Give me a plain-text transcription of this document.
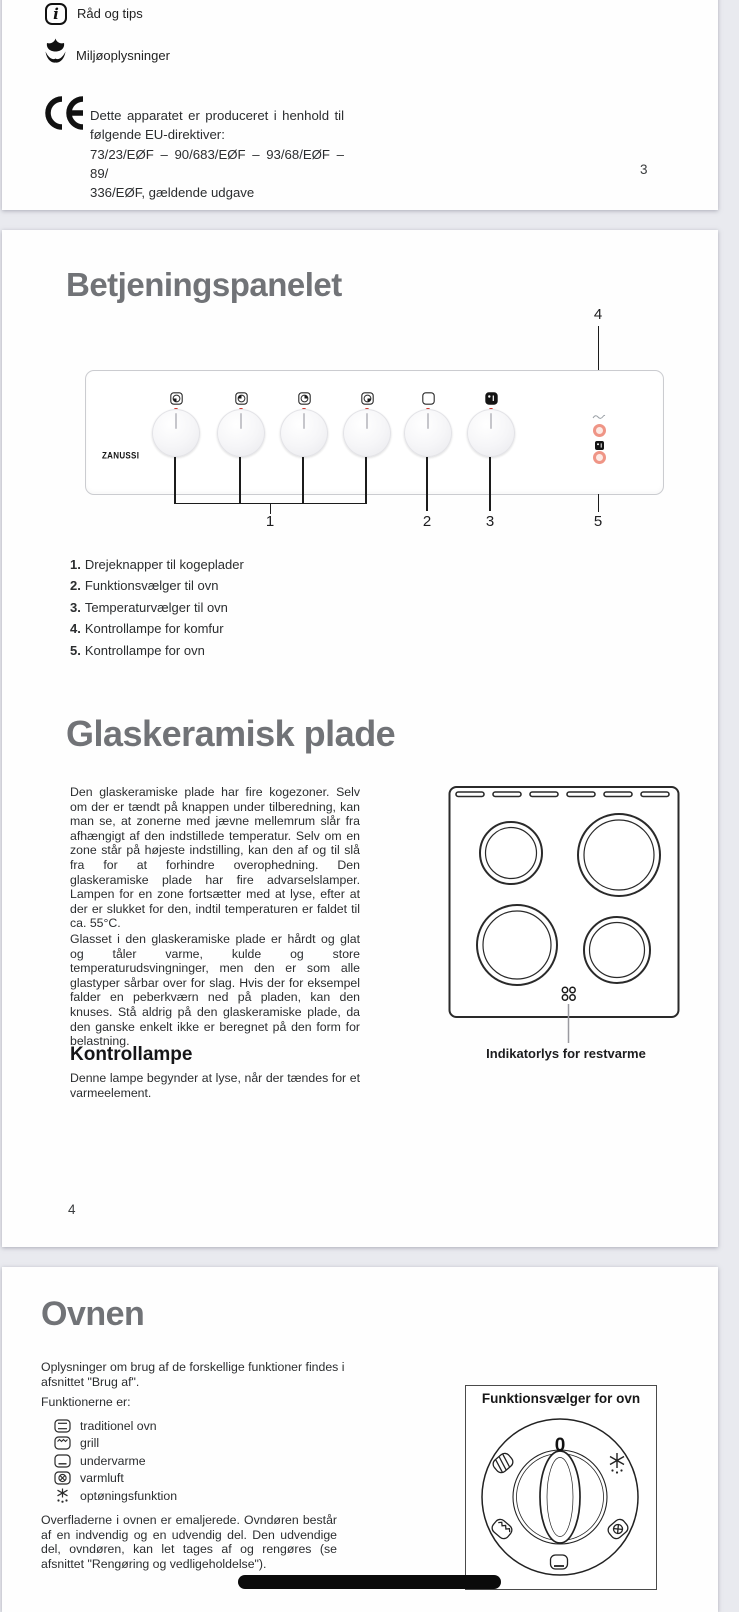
i	Råd og tips
Miljøoplysninger
Dette apparatet er produceret i henhold til
følgende EU-direktiver:
73/23/EØF – 90/683/EØF – 93/68/EØF – 89/
336/EØF, gældende udgave
3
Betjeningspanelet
4
ZANUSSI
1	2	3	5
1. Drejeknapper til kogeplader
2. Funktionsvælger til ovn
3. Temperaturvælger til ovn
4. Kontrollampe for komfur
5. Kontrollampe for ovn
Glaskeramisk plade
Den glaskeramiske plade har fire kogezoner. Selv om der er tændt på knappen under tilberedning, kan man se, at zonerne med jævne mellemrum slår fra afhængigt af den indstillede temperatur. Selv om en zone står på højeste indstilling, kan den af og til slå fra for at forhindre overophedning. Den glaskeramiske plade har fire advarselslamper. Lampen for en zone fortsætter med at lyse, efter at der er slukket for den, indtil temperaturen er faldet til ca. 55°C.
Glasset i den glaskeramiske plade er hårdt og glat og tåler varme, kulde og store temperaturudsvingninger, men den er som alle glastyper sårbar over for slag. Hvis der for eksempel falder en peberkværn ned på pladen, kan den knuses. Stå aldrig på den glaskeramiske plade, da den ganske enkelt ikke er beregnet på den form for belastning.
Kontrollampe
Denne lampe begynder at lyse, når der tændes for et varmeelement.
Indikatorlys for restvarme
4
Ovnen
Oplysninger om brug af de forskellige funktioner findes i afsnittet "Brug af".
Funktionerne er:
traditionel ovn
grill
undervarme
varmluft
optøningsfunktion
Overfladerne i ovnen er emaljerede. Ovndøren består af en indvendig og en udvendig del. Den udvendige del, ovndøren, kan let tages af og rengøres (se afsnittet "Rengøring og vedligeholdelse").
Funktionsvælger for ovn
0
